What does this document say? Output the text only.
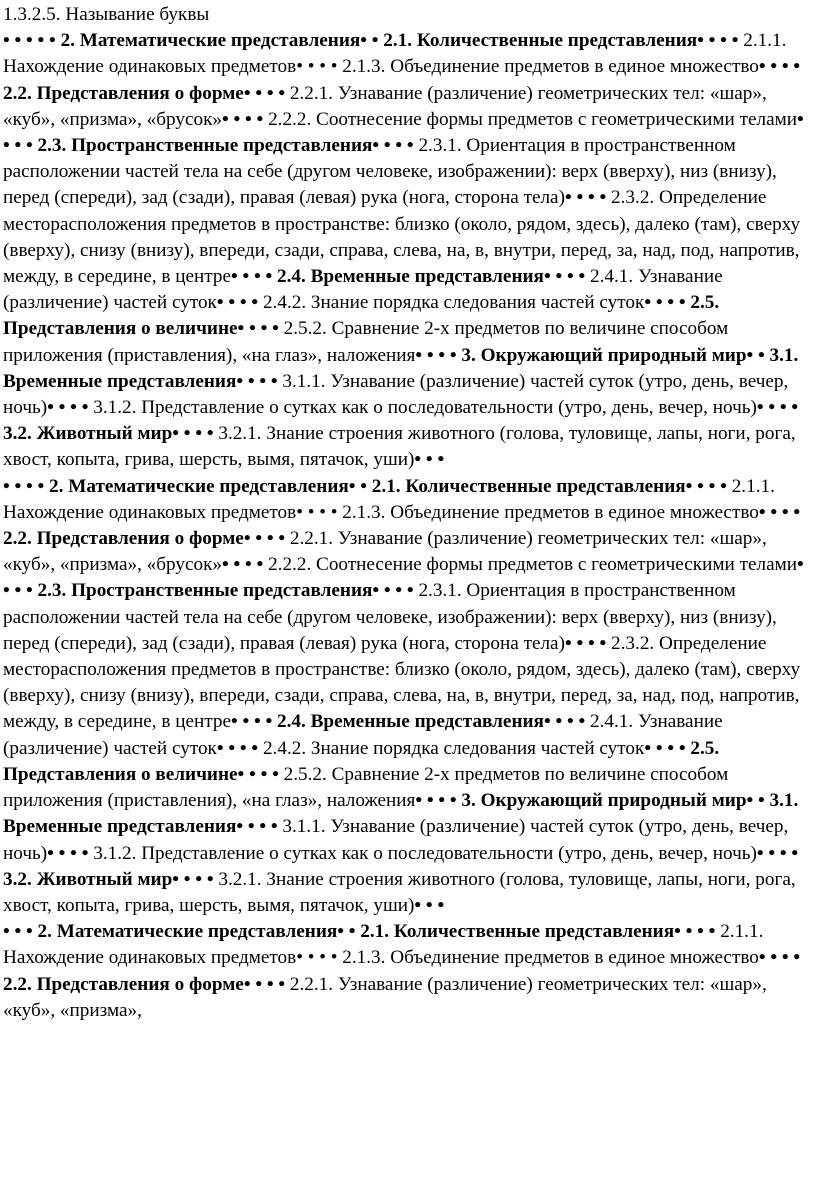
1.3.2.5. Называние буквы

• • • • • 2. Математические представления• • 2.1. Количественные представления• • • • 2.1.1. Нахождение одинаковых предметов• • • • 2.1.3. Объединение предметов в единое множество• • • • 2.2. Представления о форме• • • • 2.2.1. Узнавание (различение) геометрических тел: «шар», «куб», «призма», «брусок»• • • • 2.2.2. Соотнесение формы предметов с геометрическими телами• • • • 2.3. Пространственные представления• • • • 2.3.1. Ориентация в пространственном расположении частей тела на себе (другом человеке, изображении): верх (вверху), низ (внизу), перед (спереди), зад (сзади), правая (левая) рука (нога, сторона тела)• • • • 2.3.2. Определение месторасположения предметов в пространстве: близко (около, рядом, здесь), далеко (там), сверху (вверху), снизу (внизу), впереди, сзади, справа, слева, на, в, внутри, перед, за, над, под, напротив, между, в середине, в центре• • • • 2.4. Временные представления• • • • 2.4.1. Узнавание (различение) частей суток• • • • 2.4.2. Знание порядка следования частей суток• • • • 2.5. Представления о величине• • • • 2.5.2. Сравнение 2-х предметов по величине способом приложения (приставления), «на глаз», наложения• • • • 3. Окружающий природный мир• • 3.1. Временные представления• • • • 3.1.1. Узнавание (различение) частей суток (утро, день, вечер, ночь)• • • • 3.1.2. Представление о сутках как о последовательности (утро, день, вечер, ночь)• • • • 3.2. Животный мир• • • • 3.2.1. Знание строения животного (голова, туловище, лапы, ноги, рога, хвост, копыта, грива, шерсть, вымя, пятачок, уши)• • •

• • • • 2. Математические представления• • 2.1. Количественные представления• • • • 2.1.1. Нахождение одинаковых предметов• • • • 2.1.3. Объединение предметов в единое множество• • • • 2.2. Представления о форме• • • • 2.2.1. Узнавание (различение) геометрических тел: «шар», «куб», «призма», «брусок»• • • • 2.2.2. Соотнесение формы предметов с геометрическими телами• • • • 2.3. Пространственные представления• • • • 2.3.1. Ориентация в пространственном расположении частей тела на себе (другом человеке, изображении): верх (вверху), низ (внизу), перед (спереди), зад (сзади), правая (левая) рука (нога, сторона тела)• • • • 2.3.2. Определение месторасположения предметов в пространстве: близко (около, рядом, здесь), далеко (там), сверху (вверху), снизу (внизу), впереди, сзади, справа, слева, на, в, внутри, перед, за, над, под, напротив, между, в середине, в центре• • • • 2.4. Временные представления• • • • 2.4.1. Узнавание (различение) частей суток• • • • 2.4.2. Знание порядка следования частей суток• • • • 2.5. Представления о величине• • • • 2.5.2. Сравнение 2-х предметов по величине способом приложения (приставления), «на глаз», наложения• • • • 3. Окружающий природный мир• • 3.1. Временные представления• • • • 3.1.1. Узнавание (различение) частей суток (утро, день, вечер, ночь)• • • • 3.1.2. Представление о сутках как о последовательности (утро, день, вечер, ночь)• • • • 3.2. Животный мир• • • • 3.2.1. Знание строения животного (голова, туловище, лапы, ноги, рога, хвост, копыта, грива, шерсть, вымя, пятачок, уши)• • •

• • • 2. Математические представления• • 2.1. Количественные представления• • • • 2.1.1. Нахождение одинаковых предметов• • • • 2.1.3. Объединение предметов в единое множество• • • • 2.2. Представления о форме• • • • 2.2.1. Узнавание (различение) геометрических тел: «шар», «куб», «призма»,
